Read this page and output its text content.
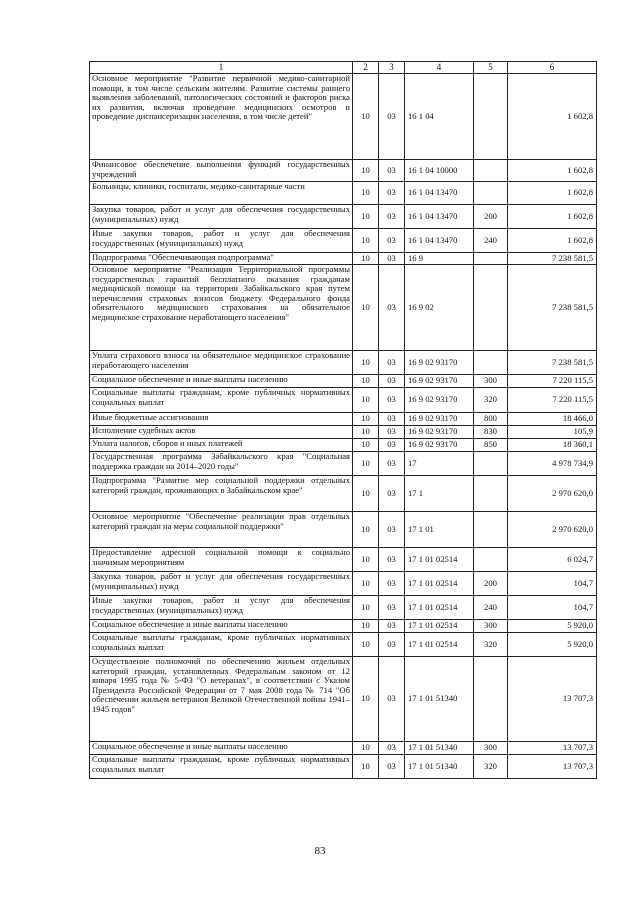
1	2	3	4	5	6
Основное мероприятие "Развитие первичной медико-санитарной помощи, в том числе сельским жителям. Развитие системы раннего выявления заболеваний, патологических состояний и факторов риска их развития, включая проведение медицинских осмотров и проведение диспансеризации населения, в том числе детей"	10	03	16 1 04		1 602,8
Финансовое обеспечение выполнения функций государственных учреждений	10	03	16 1 04 10000		1 602,8
Больницы, клиники, госпитали, медико-санитарные части	10	03	16 1 04 13470		1 602,8
Закупка товаров, работ и услуг для обеспечения государственных (муниципальных) нужд	10	03	16 1 04 13470	200	1 602,8
Иные закупки товаров, работ и услуг для обеспечения государственных (муниципальных) нужд	10	03	16 1 04 13470	240	1 602,8
Подпрограмма "Обеспечивающая подпрограмма"	10	03	16 9		7 238 581,5
Основное мероприятие "Реализация Территориальной программы государственных гарантий бесплатного оказания гражданам медицинской помощи на территории Забайкальского края путем перечисления страховых взносов бюджету Федерального фонда обязательного медицинского страхования на обязательное медицинское страхование неработающего населения"	10	03	16 9 02		7 238 581,5
Уплата страхового взноса на обязательное медицинское страхование неработающего населения	10	03	16 9 02 93170		7 238 581,5
Социальное обеспечение и иные выплаты населению	10	03	16 9 02 93170	300	7 220 115,5
Социальные выплаты гражданам, кроме публичных нормативных социальных выплат	10	03	16 9 02 93170	320	7 220 115,5
Иные бюджетные ассигнования	10	03	16 9 02 93170	800	18 466,0
Исполнение судебных актов	10	03	16 9 02 93170	830	105,9
Уплата налогов, сборов и иных платежей	10	03	16 9 02 93170	850	18 360,1
Государственная программа Забайкальского края "Социальная поддержка граждан на 2014–2020 годы"	10	03	17		4 978 734,9
Подпрограмма "Развитие мер социальной поддержки отдельных категорий граждан, проживающих в Забайкальском крае"	10	03	17 1		2 970 620,0
Основное мероприятие "Обеспечение реализации прав отдельных категорий граждан на меры социальной поддержки"	10	03	17 1 01		2 970 620,0
Предоставление адресной социальной помощи к социально значимым мероприятиям	10	03	17 1 01 02514		6 024,7
Закупка товаров, работ и услуг для обеспечения государственных (муниципальных) нужд	10	03	17 1 01 02514	200	104,7
Иные закупки товаров, работ и услуг для обеспечения государственных (муниципальных) нужд	10	03	17 1 01 02514	240	104,7
Социальное обеспечение и иные выплаты населению	10	03	17 1 01 02514	300	5 920,0
Социальные выплаты гражданам, кроме публичных нормативных социальных выплат	10	03	17 1 01 02514	320	5 920,0
Осуществление полномочий по обеспечению жильем отдельных категорий граждан, установленных Федеральным законом от 12 января 1995 года № 5-ФЗ "О ветеранах", в соответствии с Указом Президента Российской Федерации от 7 мая 2008 года № 714 "Об обеспечении жильем ветеранов Великой Отечественной войны 1941–1945 годов"	10	03	17 1 01 51340		13 707,3
Социальное обеспечение и иные выплаты населению	10	03	17 1 01 51340	300	13 707,3
Социальные выплаты гражданам, кроме публичных нормативных социальных выплат	10	03	17 1 01 51340	320	13 707,3
83
